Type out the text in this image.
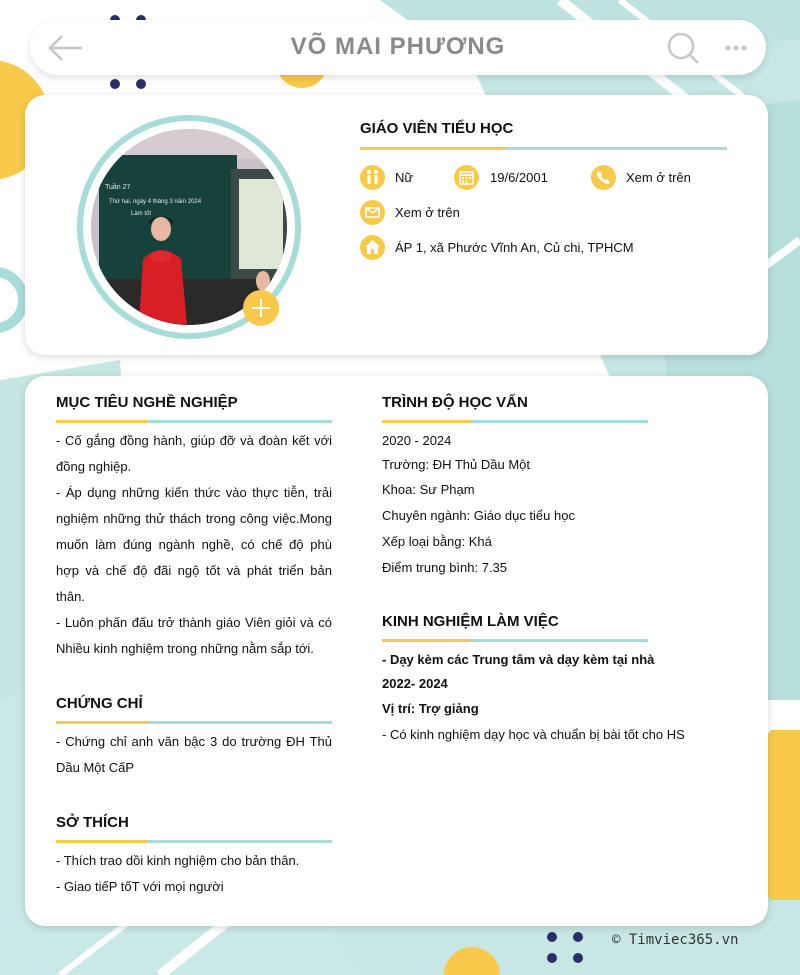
VÕ MAI PHƯƠNG
Tuần 27
Thứ hai, ngày 4 tháng 3 năm 2024
Làm tốt
GIÁO VIÊN TIỂU HỌC
Nữ	19/6/2001	Xem ở trên
Xem ở trên
ÁP 1, xã Phước Vĩnh An, Củ chi, TPHCM
MỤC TIÊU NGHỀ NGHIỆP

- Cố gắng đồng hành, giúp đỡ và đoàn kết với đồng nghiệp.

- Áp dụng những kiến thức vào thực tiễn, trải nghiệm những thử thách trong công việc.Mong muốn làm đúng ngành nghề, có chế độ phù hợp và chế độ đãi ngộ tốt và phát triển bản thân.

- Luôn phấn đấu trở thành giáo Viên giỏi và có Nhiều kinh nghiệm trong những nằm sắp tới.

CHỨNG CHỈ

- Chứng chỉ anh văn bậc 3 do trường ĐH Thủ Dầu Một CấP

SỞ THÍCH
- Thích trao dồi kinh nghiệm cho bản thân.
- Giao tiếP tốT với mọi người
TRÌNH ĐỘ HỌC VẤN
2020 - 2024
Trường: ĐH Thủ Dầu Một
Khoa: Sư Phạm
Chuyên ngành: Giáo dục tiểu học
Xếp loại bằng: Khá
Điểm trung bình: 7.35
KINH NGHIỆM LÀM VIỆC
- Dạy kèm các Trung tâm và dạy kèm tại nhà
2022- 2024
Vị trí: Trợ giảng
- Có kinh nghiệm dạy học và chuẩn bị bài tốt cho HS
© Timviec365.vn
